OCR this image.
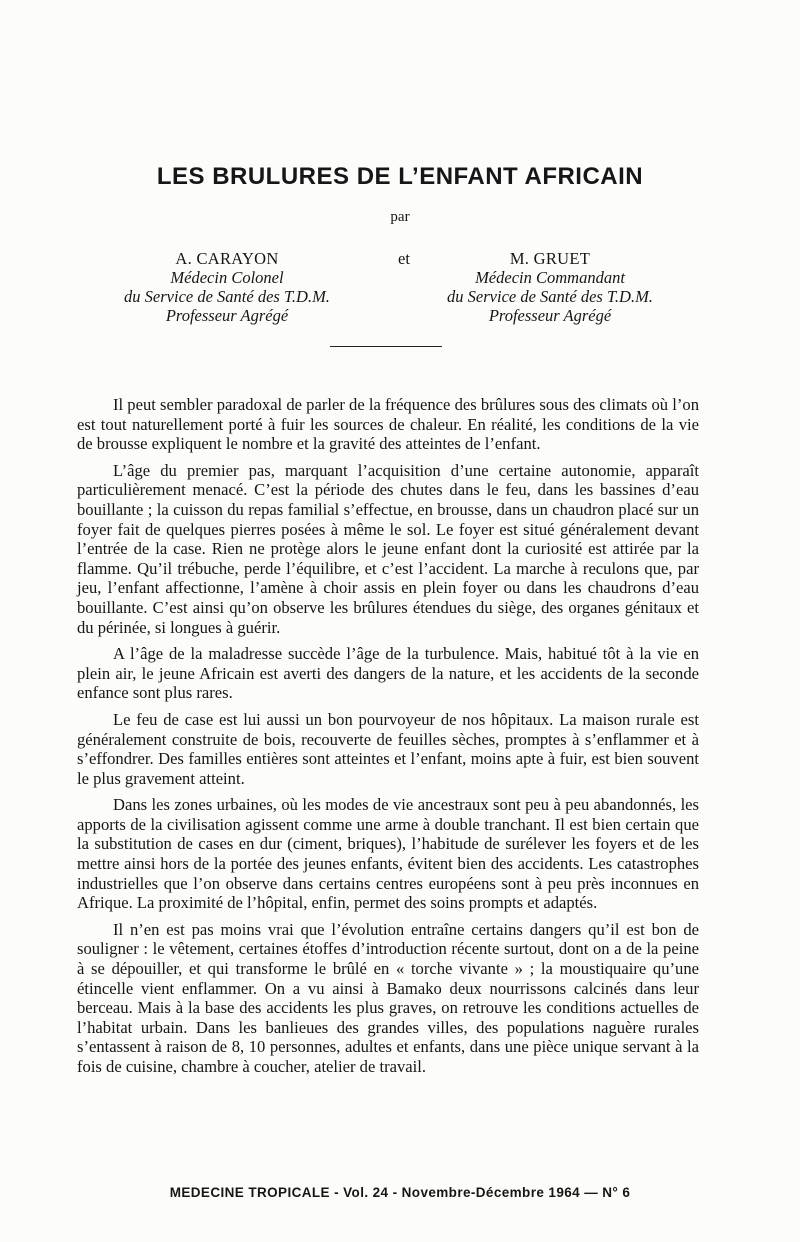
LES BRULURES DE L’ENFANT AFRICAIN
par
A. CARAYON
Médecin Colonel
du Service de Santé des T.D.M.
Professeur Agrégé
et	M. GRUET
Médecin Commandant
du Service de Santé des T.D.M.
Professeur Agrégé

Il peut sembler paradoxal de parler de la fréquence des brûlures sous des climats où l’on est tout naturellement porté à fuir les sources de chaleur. En réalité, les conditions de la vie de brousse expliquent le nombre et la gravité des atteintes de l’enfant.

L’âge du premier pas, marquant l’acquisition d’une certaine autonomie, apparaît particulièrement menacé. C’est la période des chutes dans le feu, dans les bassines d’eau bouillante ; la cuisson du repas familial s’effectue, en brousse, dans un chaudron placé sur un foyer fait de quelques pierres posées à même le sol. Le foyer est situé généralement devant l’entrée de la case. Rien ne protège alors le jeune enfant dont la curiosité est attirée par la flamme. Qu’il trébuche, perde l’équilibre, et c’est l’accident. La marche à reculons que, par jeu, l’enfant affectionne, l’amène à choir assis en plein foyer ou dans les chaudrons d’eau bouillante. C’est ainsi qu’on observe les brûlures étendues du siège, des organes génitaux et du périnée, si longues à guérir.

A l’âge de la maladresse succède l’âge de la turbulence. Mais, habitué tôt à la vie en plein air, le jeune Africain est averti des dangers de la nature, et les accidents de la seconde enfance sont plus rares.

Le feu de case est lui aussi un bon pourvoyeur de nos hôpitaux. La maison rurale est généralement construite de bois, recouverte de feuilles sèches, promptes à s’enflammer et à s’effondrer. Des familles entières sont atteintes et l’enfant, moins apte à fuir, est bien souvent le plus gravement atteint.

Dans les zones urbaines, où les modes de vie ancestraux sont peu à peu abandonnés, les apports de la civilisation agissent comme une arme à double tranchant. Il est bien certain que la substitution de cases en dur (ciment, briques), l’habitude de surélever les foyers et de les mettre ainsi hors de la portée des jeunes enfants, évitent bien des accidents. Les catastrophes industrielles que l’on observe dans certains centres européens sont à peu près inconnues en Afrique. La proximité de l’hôpital, enfin, permet des soins prompts et adaptés.

Il n’en est pas moins vrai que l’évolution entraîne certains dangers qu’il est bon de souligner : le vêtement, certaines étoffes d’introduction récente surtout, dont on a de la peine à se dépouiller, et qui transforme le brûlé en « torche vivante » ; la moustiquaire qu’une étincelle vient enflammer. On a vu ainsi à Bamako deux nourrissons calcinés dans leur berceau. Mais à la base des accidents les plus graves, on retrouve les conditions actuelles de l’habitat urbain. Dans les banlieues des grandes villes, des populations naguère rurales s’entassent à raison de 8, 10 personnes, adultes et enfants, dans une pièce unique servant à la fois de cuisine, chambre à coucher, atelier de travail.

MEDECINE TROPICALE - Vol. 24 - Novembre-Décembre 1964 — N° 6
